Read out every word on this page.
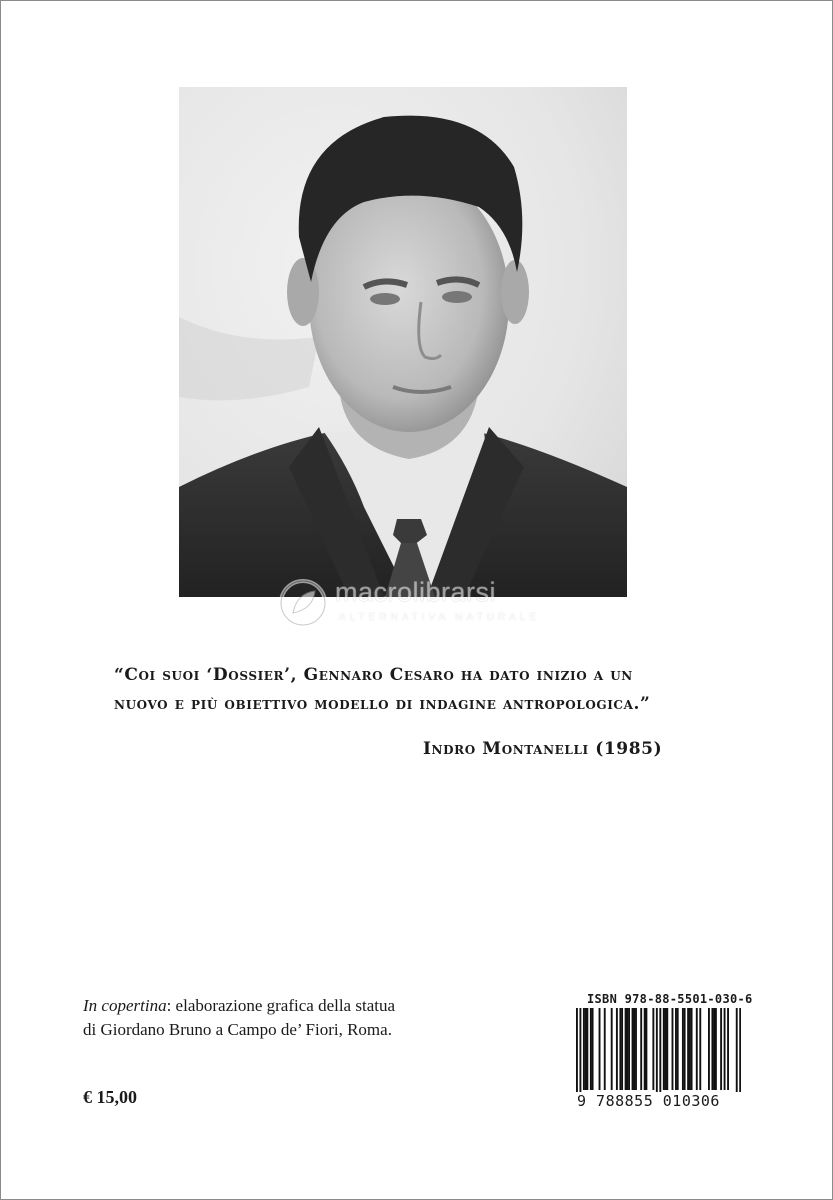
macrolibrarsi
ALTERNATIVA NATURALE
“Coi suoi ‘Dossier’, Gennaro Cesaro ha dato inizio a un
nuovo e più obiettivo modello di indagine antropologica.”
Indro Montanelli (1985)
In copertina: elaborazione grafica della statua
di Giordano Bruno a Campo de’ Fiori, Roma.
€ 15,00
ISBN 978-88-5501-030-6
9 788855 010306
